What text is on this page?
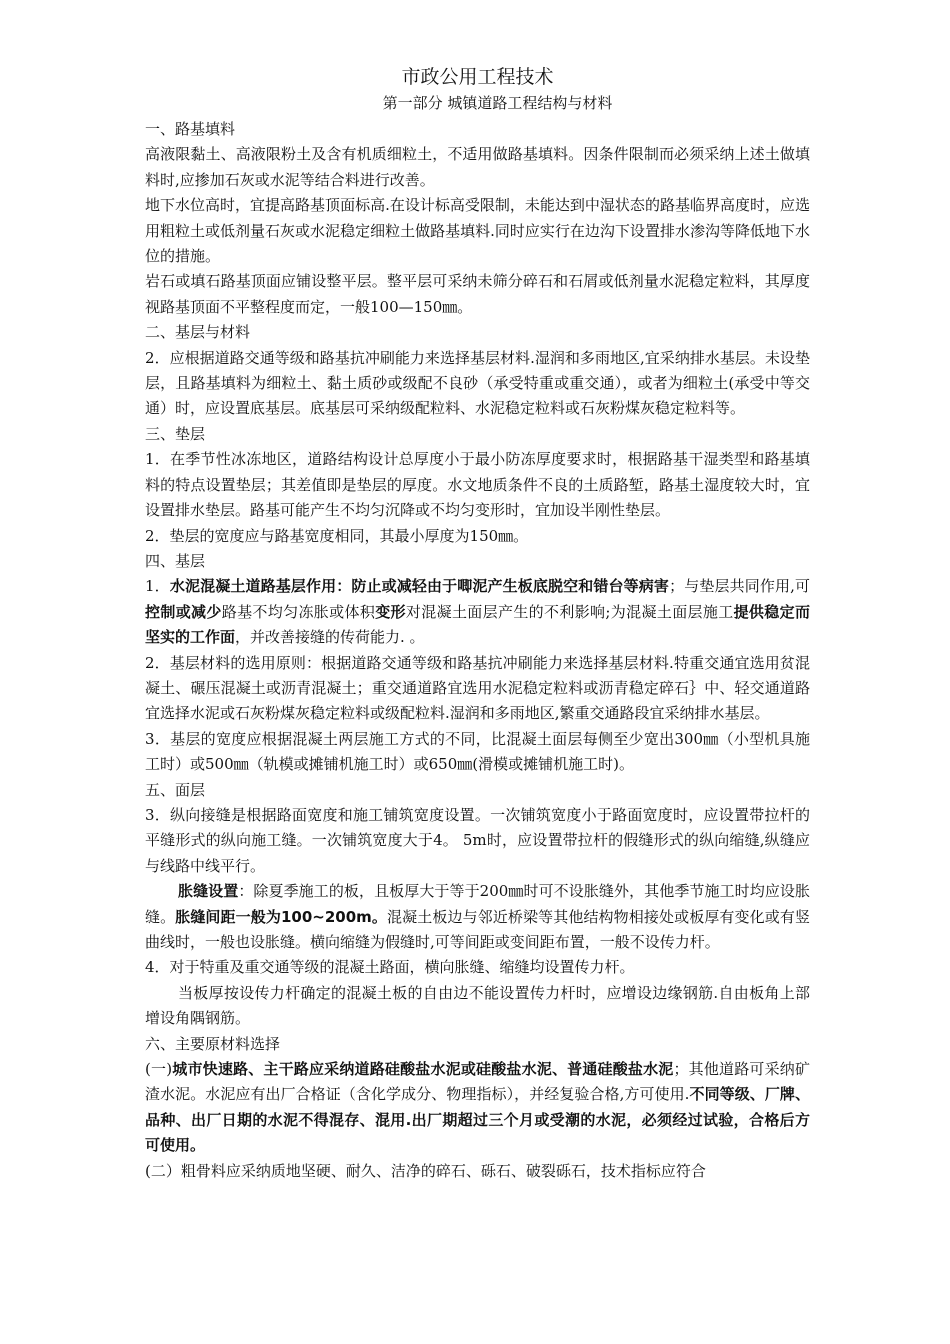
市政公用工程技术
第一部分 城镇道路工程结构与材料

一、路基填料

高液限黏土、高液限粉土及含有机质细粒土，不适用做路基填料。因条件限制而必须采纳上述土做填料时,应掺加石灰或水泥等结合料进行改善。

地下水位高时，宜提高路基顶面标高.在设计标高受限制，未能达到中湿状态的路基临界高度时，应选用粗粒土或低剂量石灰或水泥稳定细粒土做路基填料.同时应实行在边沟下设置排水渗沟等降低地下水位的措施。

岩石或填石路基顶面应铺设整平层。整平层可采纳未筛分碎石和石屑或低剂量水泥稳定粒料，其厚度视路基顶面不平整程度而定，一般100—150㎜。

二、基层与材料

2．应根据道路交通等级和路基抗冲刷能力来选择基层材料.湿润和多雨地区,宜采纳排水基层。未设垫层，且路基填料为细粒土、黏土质砂或级配不良砂（承受特重或重交通），或者为细粒土(承受中等交通）时，应设置底基层。底基层可采纳级配粒料、水泥稳定粒料或石灰粉煤灰稳定粒料等。

三、垫层

1．在季节性冰冻地区，道路结构设计总厚度小于最小防冻厚度要求时，根据路基干湿类型和路基填料的特点设置垫层；其差值即是垫层的厚度。水文地质条件不良的土质路堑，路基土湿度较大时，宜设置排水垫层。路基可能产生不均匀沉降或不均匀变形时，宜加设半刚性垫层。

2．垫层的宽度应与路基宽度相同，其最小厚度为150㎜。

四、基层

1．水泥混凝土道路基层作用：防止或减轻由于唧泥产生板底脱空和错台等病害；与垫层共同作用,可控制或减少路基不均匀冻胀或体积变形对混凝土面层产生的不利影响;为混凝土面层施工提供稳定而坚实的工作面，并改善接缝的传荷能力. 。

2．基层材料的选用原则：根据道路交通等级和路基抗冲刷能力来选择基层材料.特重交通宜选用贫混凝土、碾压混凝土或沥青混凝土；重交通道路宜选用水泥稳定粒料或沥青稳定碎石｝中、轻交通道路宜选择水泥或石灰粉煤灰稳定粒料或级配粒料.湿润和多雨地区,繁重交通路段宜采纳排水基层。

3．基层的宽度应根据混凝土两层施工方式的不同，比混凝土面层每侧至少宽出300㎜（小型机具施工时）或500㎜（轨模或摊铺机施工时）或650㎜(滑模或摊铺机施工时)。

五、面层

3．纵向接缝是根据路面宽度和施工铺筑宽度设置。一次铺筑宽度小于路面宽度时，应设置带拉杆的平缝形式的纵向施工缝。一次铺筑宽度大于4。 5m时，应设置带拉杆的假缝形式的纵向缩缝,纵缝应与线路中线平行。

胀缝设置：除夏季施工的板，且板厚大于等于200㎜时可不设胀缝外，其他季节施工时均应设胀缝。胀缝间距一般为100~200m。混凝土板边与邻近桥梁等其他结构物相接处或板厚有变化或有竖曲线时，一般也设胀缝。横向缩缝为假缝时,可等间距或变间距布置，一般不设传力杆。

4．对于特重及重交通等级的混凝土路面，横向胀缝、缩缝均设置传力杆。

当板厚按设传力杆确定的混凝土板的自由边不能设置传力杆时，应增设边缘钢筋.自由板角上部增设角隅钢筋。

六、主要原材料选择

(一)城市快速路、主干路应采纳道路硅酸盐水泥或硅酸盐水泥、普通硅酸盐水泥；其他道路可采纳矿渣水泥。水泥应有出厂合格证（含化学成分、物理指标），并经复验合格,方可使用.不同等级、厂牌、品种、出厂日期的水泥不得混存、混用.出厂期超过三个月或受潮的水泥，必须经过试验，合格后方可使用。

(二）粗骨料应采纳质地坚硬、耐久、洁净的碎石、砾石、破裂砾石，技术指标应符合
